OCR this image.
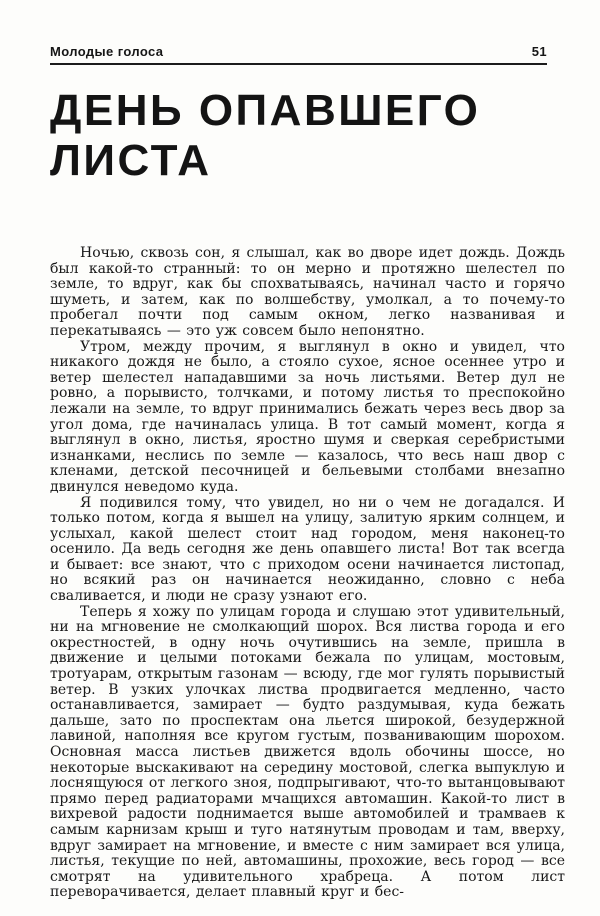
Молодые голоса	51
ДЕНЬ ОПАВШЕГО
ЛИСТА

Ночью, сквозь сон, я слышал, как во дворе идет дождь. Дождь был какой-то странный: то он мерно и протяжно шелестел по земле, то вдруг, как бы спохватываясь, начинал часто и горячо шуметь, и затем, как по волшебству, умолкал, а то почему-то пробегал почти под самым окном, легко названивая и перекатываясь — это уж совсем было непонятно.

Утром, между прочим, я выглянул в окно и увидел, что никакого дождя не было, а стояло сухое, ясное осеннее утро и ветер шелестел нападавшими за ночь листьями. Ветер дул не ровно, а порывисто, толчками, и потому листья то преспокойно лежали на земле, то вдруг принимались бежать через весь двор за угол дома, где начиналась улица. В тот самый момент, когда я выглянул в окно, листья, яростно шумя и сверкая серебристыми изнанками, неслись по земле — казалось, что весь наш двор с кленами, детской песочницей и бельевыми столбами внезапно двинулся неведомо куда.

Я подивился тому, что увидел, но ни о чем не догадался. И только потом, когда я вышел на улицу, залитую ярким солнцем, и услыхал, какой шелест стоит над городом, меня наконец-то осенило. Да ведь сегодня же день опавшего листа! Вот так всегда и бывает: все знают, что с приходом осени начинается листопад, но всякий раз он начинается неожиданно, словно с неба сваливается, и люди не сразу узнают его.

Теперь я хожу по улицам города и слушаю этот удивительный, ни на мгновение не смолкающий шорох. Вся листва города и его окрестностей, в одну ночь очутившись на земле, пришла в движение и целыми потоками бежала по улицам, мостовым, тротуарам, открытым газонам — всюду, где мог гулять порывистый ветер. В узких улочках листва продвигается медленно, часто останавливается, замирает — будто раздумывая, куда бежать дальше, зато по проспектам она льется широкой, безудержной лавиной, наполняя все кругом густым, позванивающим шорохом. Основная масса листьев движется вдоль обочины шоссе, но некоторые выскакивают на середину мостовой, слегка выпуклую и лоснящуюся от легкого зноя, подпрыгивают, что-то вытанцовывают прямо перед радиаторами мчащихся автомашин. Какой-то лист в вихревой радости поднимается выше автомобилей и трамваев к самым карнизам крыш и туго натянутым проводам и там, вверху, вдруг замирает на мгновение, и вместе с ним замирает вся улица, листья, текущие по ней, автомашины, прохожие, весь город — все смотрят на удивительного храбреца. А потом лист переворачивается, делает плавный круг и бес-
